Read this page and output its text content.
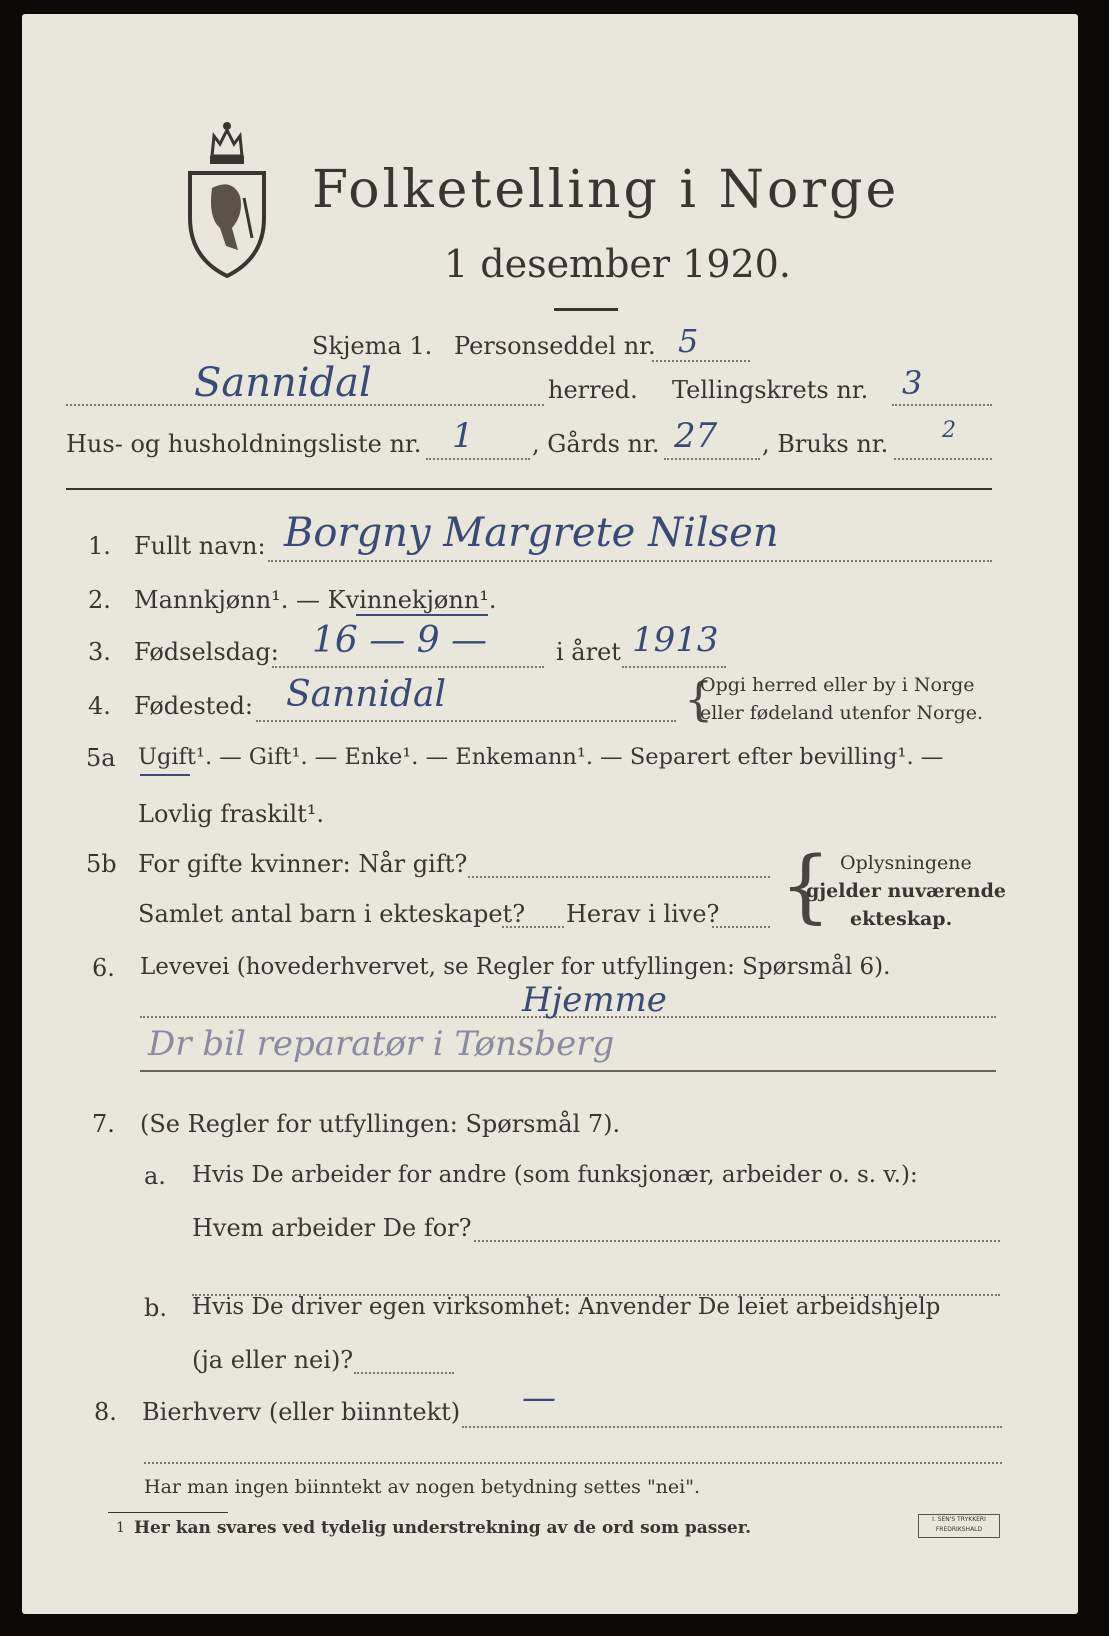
Folketelling i Norge
1 desember 1920.
Skjema 1. Personseddel nr. 5
Sannidal	herred. Tellingskrets nr. 3
Hus- og husholdningsliste nr. 1 , Gårds nr. 27 , Bruks nr. 2
1. Fullt navn: Borgny Margrete Nilsen
2. Mannkjønn¹. — Kvinnekjønn¹.
3. Fødselsdag: 16 — 9 —	i året 1913
4. Fødested: Sannidal	{
Opgi herred eller by i Norge
eller fødeland utenfor Norge.
5a Ugift¹. — Gift¹. — Enke¹. — Enkemann¹. — Separert efter bevilling¹. —
Lovlig fraskilt¹.
5b For gifte kvinner: Når gift?
Samlet antal barn i ekteskapet? Herav i live? { Oplysningene
gjelder nuværende
ekteskap.
6. Levevei (hovederhvervet, se Regler for utfyllingen: Spørsmål 6).
Hjemme
Dr bil reparatør i Tønsberg
7. (Se Regler for utfyllingen: Spørsmål 7).
a. Hvis De arbeider for andre (som funksjonær, arbeider o. s. v.):
Hvem arbeider De for?
b. Hvis De driver egen virksomhet: Anvender De leiet arbeidshjelp
(ja eller nei)?
8. Bierhverv (eller biinntekt) —
Har man ingen biinntekt av nogen betydning settes "nei".
1 Her kan svares ved tydelig understrekning av de ord som passer.	I. SEN'S TRYKKERI
FREDRIKSHALD
